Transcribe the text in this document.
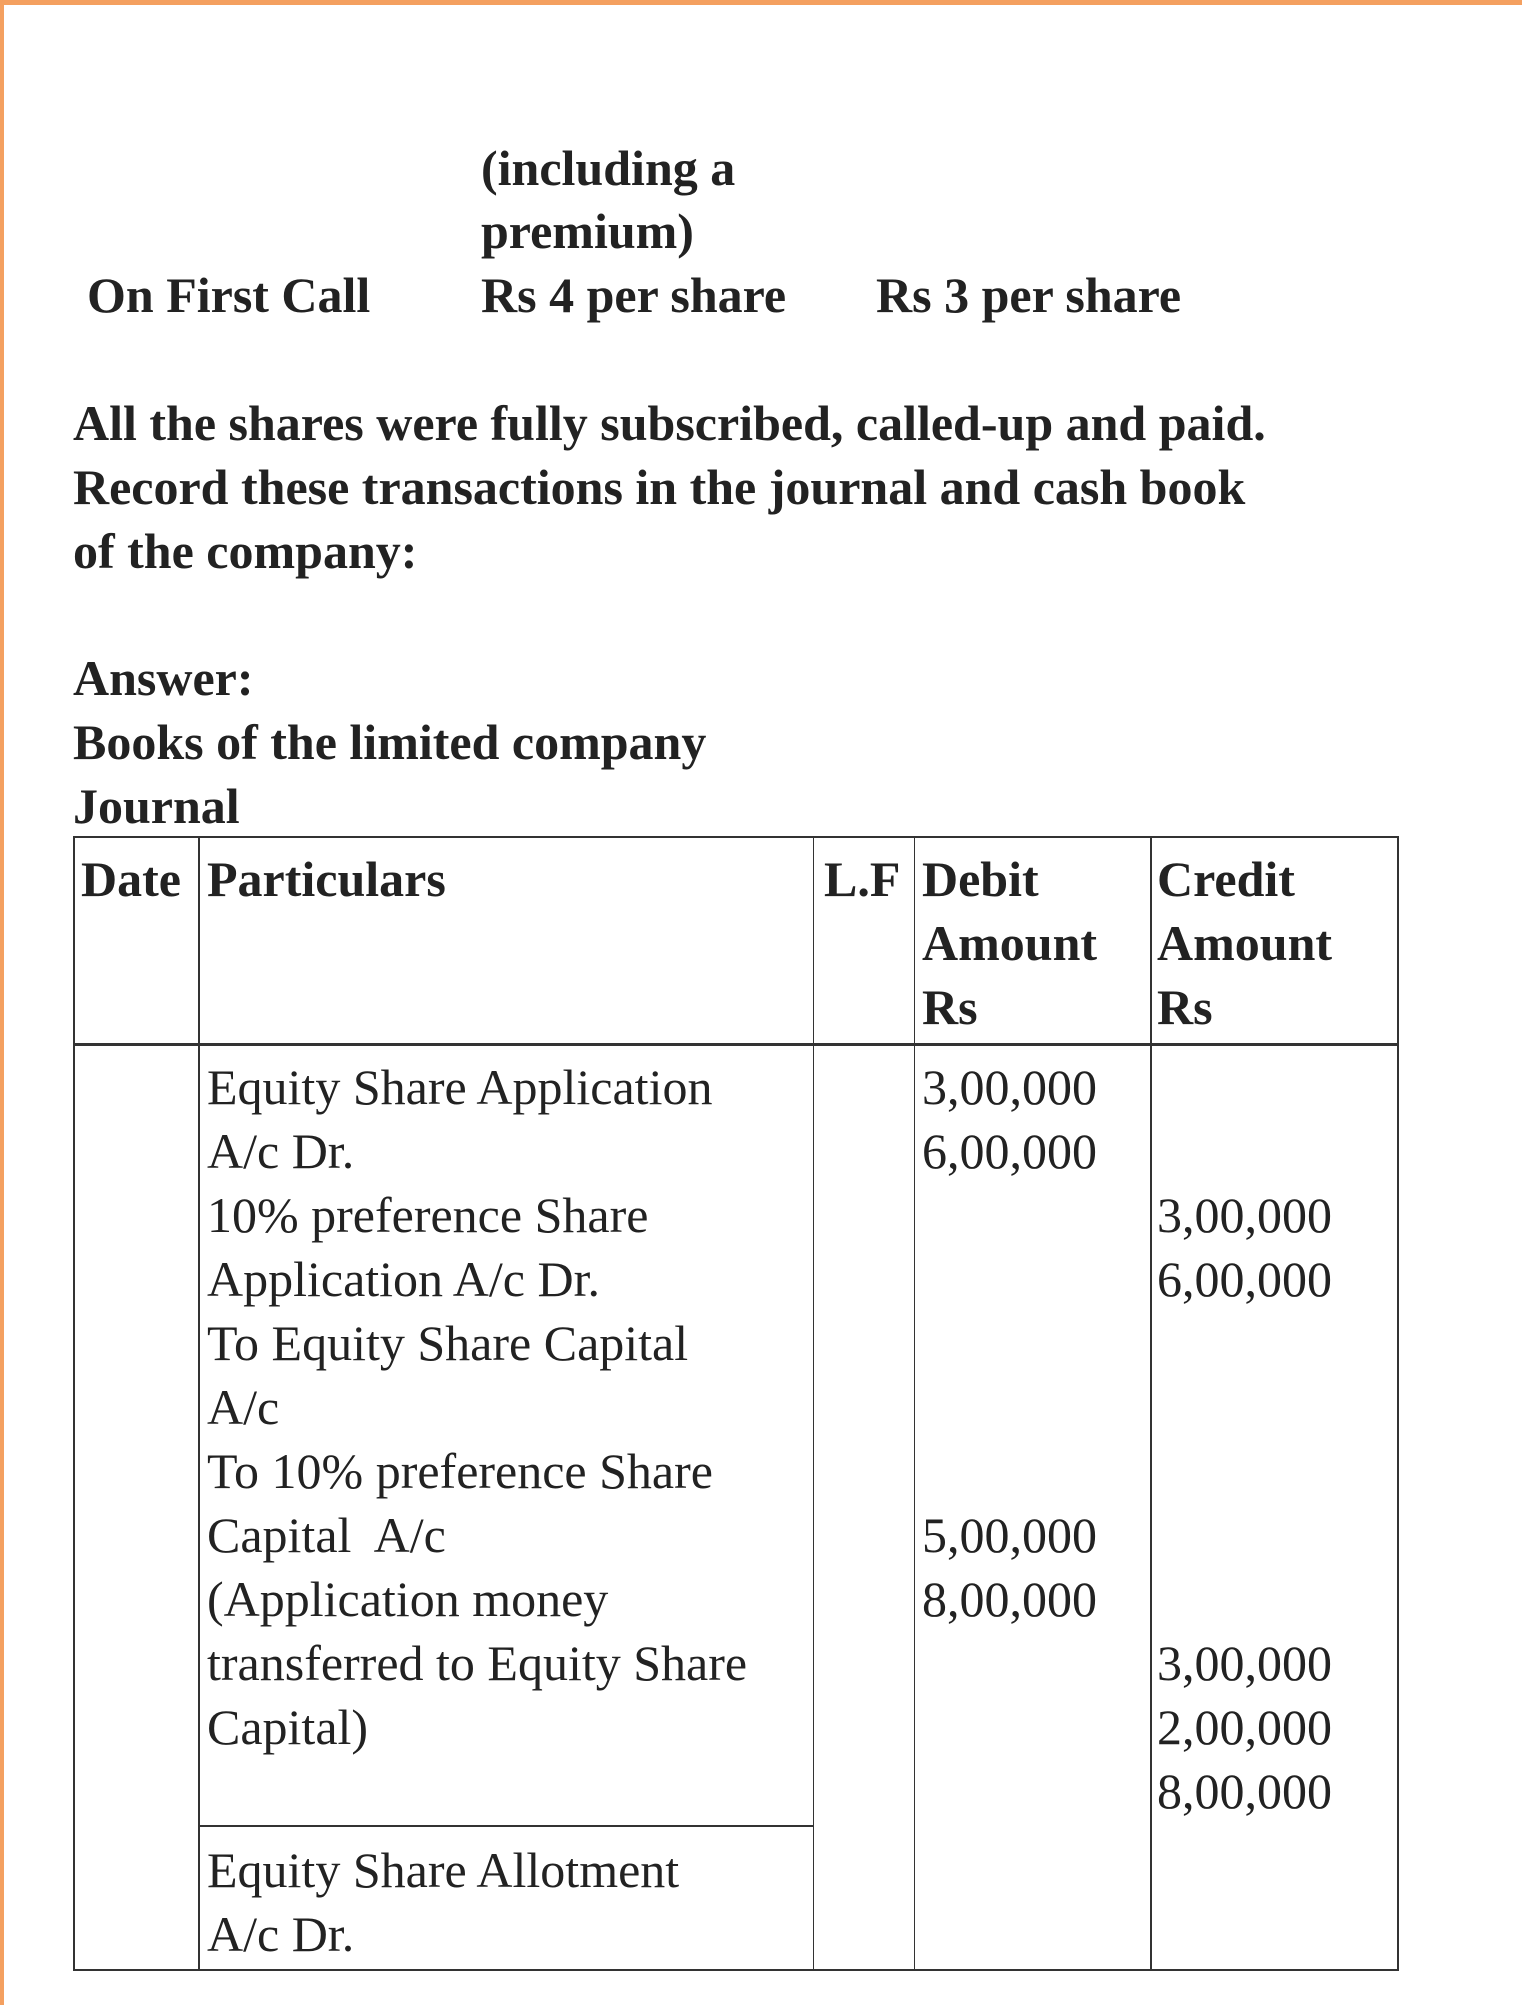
(including a
premium)
On First Call Rs 4 per share Rs 3 per share
All the shares were fully subscribed, called-up and paid.
Record these transactions in the journal and cash book
of the company:
Answer:
Books of the limited company
Journal
Date Particulars	L.F Debit
Amount
Rs
Credit
Amount
Rs
Equity Share Application
A/c Dr.
10% preference Share
Application A/c Dr.
To Equity Share Capital
A/c
To 10% preference Share
Capital  A/c
(Application money
transferred to Equity Share
Capital)
3,00,000
6,00,000
5,00,000
8,00,000
3,00,000
6,00,000
3,00,000
2,00,000
8,00,000
Equity Share Allotment
A/c Dr.
